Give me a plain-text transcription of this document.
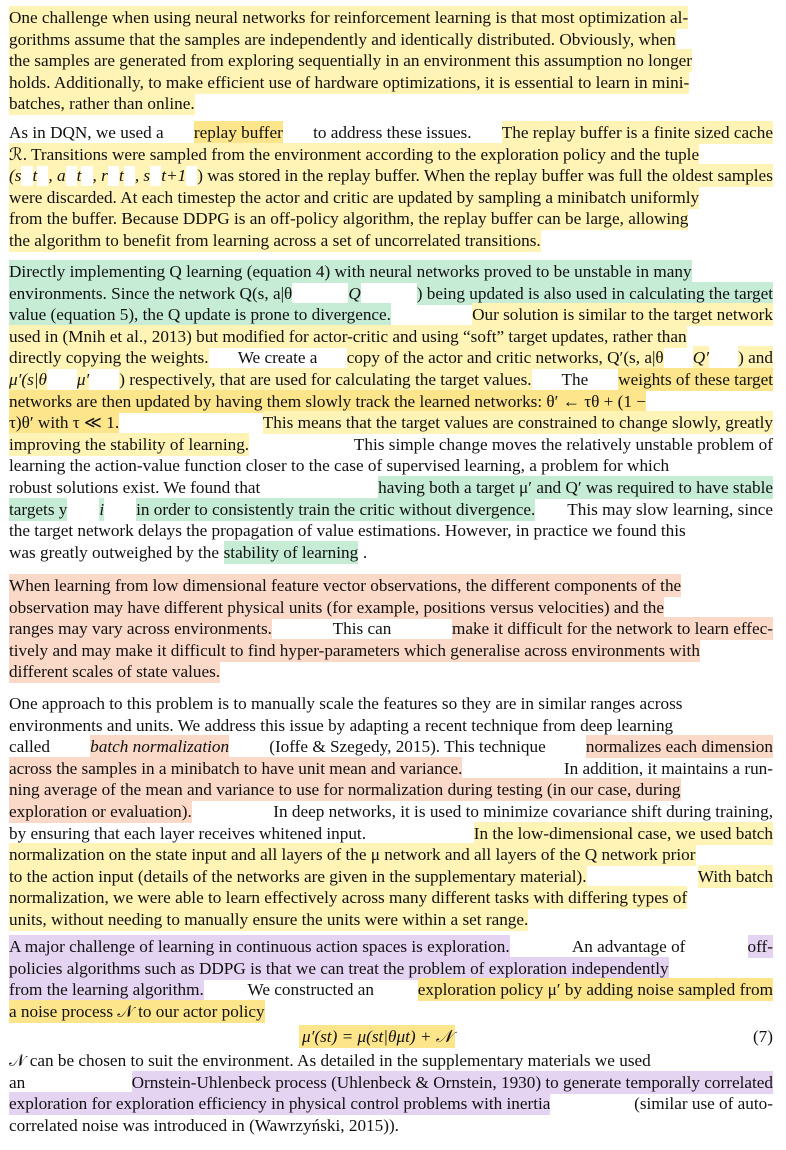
One challenge when using neural networks for reinforcement learning is that most optimization al-
gorithms assume that the samples are independently and identically distributed. Obviously, when
the samples are generated from exploring sequentially in an environment this assumption no longer
holds. Additionally, to make efficient use of hardware optimizations, it is essential to learn in mini-
batches, rather than online.
As in DQN, we used a replay buffer to address these issues. The replay buffer is a finite sized cache
ℛ. Transitions were sampled from the environment according to the exploration policy and the tuple
(s t , a t , r t , s t+1 ) was stored in the replay buffer. When the replay buffer was full the oldest samples
were discarded. At each timestep the actor and critic are updated by sampling a minibatch uniformly
from the buffer. Because DDPG is an off-policy algorithm, the replay buffer can be large, allowing
the algorithm to benefit from learning across a set of uncorrelated transitions.
Directly implementing Q learning (equation 4) with neural networks proved to be unstable in many
environments. Since the network Q(s, a|θ	Q	) being updated is also used in calculating the target
value (equation 5), the Q update is prone to divergence.	Our solution is similar to the target network
used in (Mnih et al., 2013) but modified for actor-critic and using “soft” target updates, rather than
directly copying the weights. We create a copy of the actor and critic networks, Q′(s, a|θ Q′ ) and
μ′(s|θ μ′ ) respectively, that are used for calculating the target values. The weights of these target
networks are then updated by having them slowly track the learned networks: θ′ ← τθ + (1 −
τ)θ′ with τ ≪ 1.	This means that the target values are constrained to change slowly, greatly
improving the stability of learning.	This simple change moves the relatively unstable problem of
learning the action-value function closer to the case of supervised learning, a problem for which
robust solutions exist. We found that	having both a target μ′ and Q′ was required to have stable
targets y i in order to consistently train the critic without divergence. This may slow learning, since
the target network delays the propagation of value estimations. However, in practice we found this
was greatly outweighed by the stability of learning .
When learning from low dimensional feature vector observations, the different components of the
observation may have different physical units (for example, positions versus velocities) and the
ranges may vary across environments.	This can	make it difficult for the network to learn effec-
tively and may make it difficult to find hyper-parameters which generalise across environments with
different scales of state values.
One approach to this problem is to manually scale the features so they are in similar ranges across
environments and units. We address this issue by adapting a recent technique from deep learning
called batch normalization (Ioffe & Szegedy, 2015). This technique normalizes each dimension
across the samples in a minibatch to have unit mean and variance.	In addition, it maintains a run-
ning average of the mean and variance to use for normalization during testing (in our case, during
exploration or evaluation).	In deep networks, it is used to minimize covariance shift during training,
by ensuring that each layer receives whitened input.	In the low-dimensional case, we used batch
normalization on the state input and all layers of the μ network and all layers of the Q network prior
to the action input (details of the networks are given in the supplementary material).	With batch
normalization, we were able to learn effectively across many different tasks with differing types of
units, without needing to manually ensure the units were within a set range.
A major challenge of learning in continuous action spaces is exploration.	An advantage of	off-
policies algorithms such as DDPG is that we can treat the problem of exploration independently
from the learning algorithm.	We constructed an	exploration policy μ′ by adding noise sampled from
a noise process 𝒩 to our actor policy
μ′(st) = μ(st|θμt) + 𝒩	(7)
𝒩 can be chosen to suit the environment. As detailed in the supplementary materials we used
an	Ornstein-Uhlenbeck process (Uhlenbeck & Ornstein, 1930) to generate temporally correlated
exploration for exploration efficiency in physical control problems with inertia	(similar use of auto-
correlated noise was introduced in (Wawrzyński, 2015)).
